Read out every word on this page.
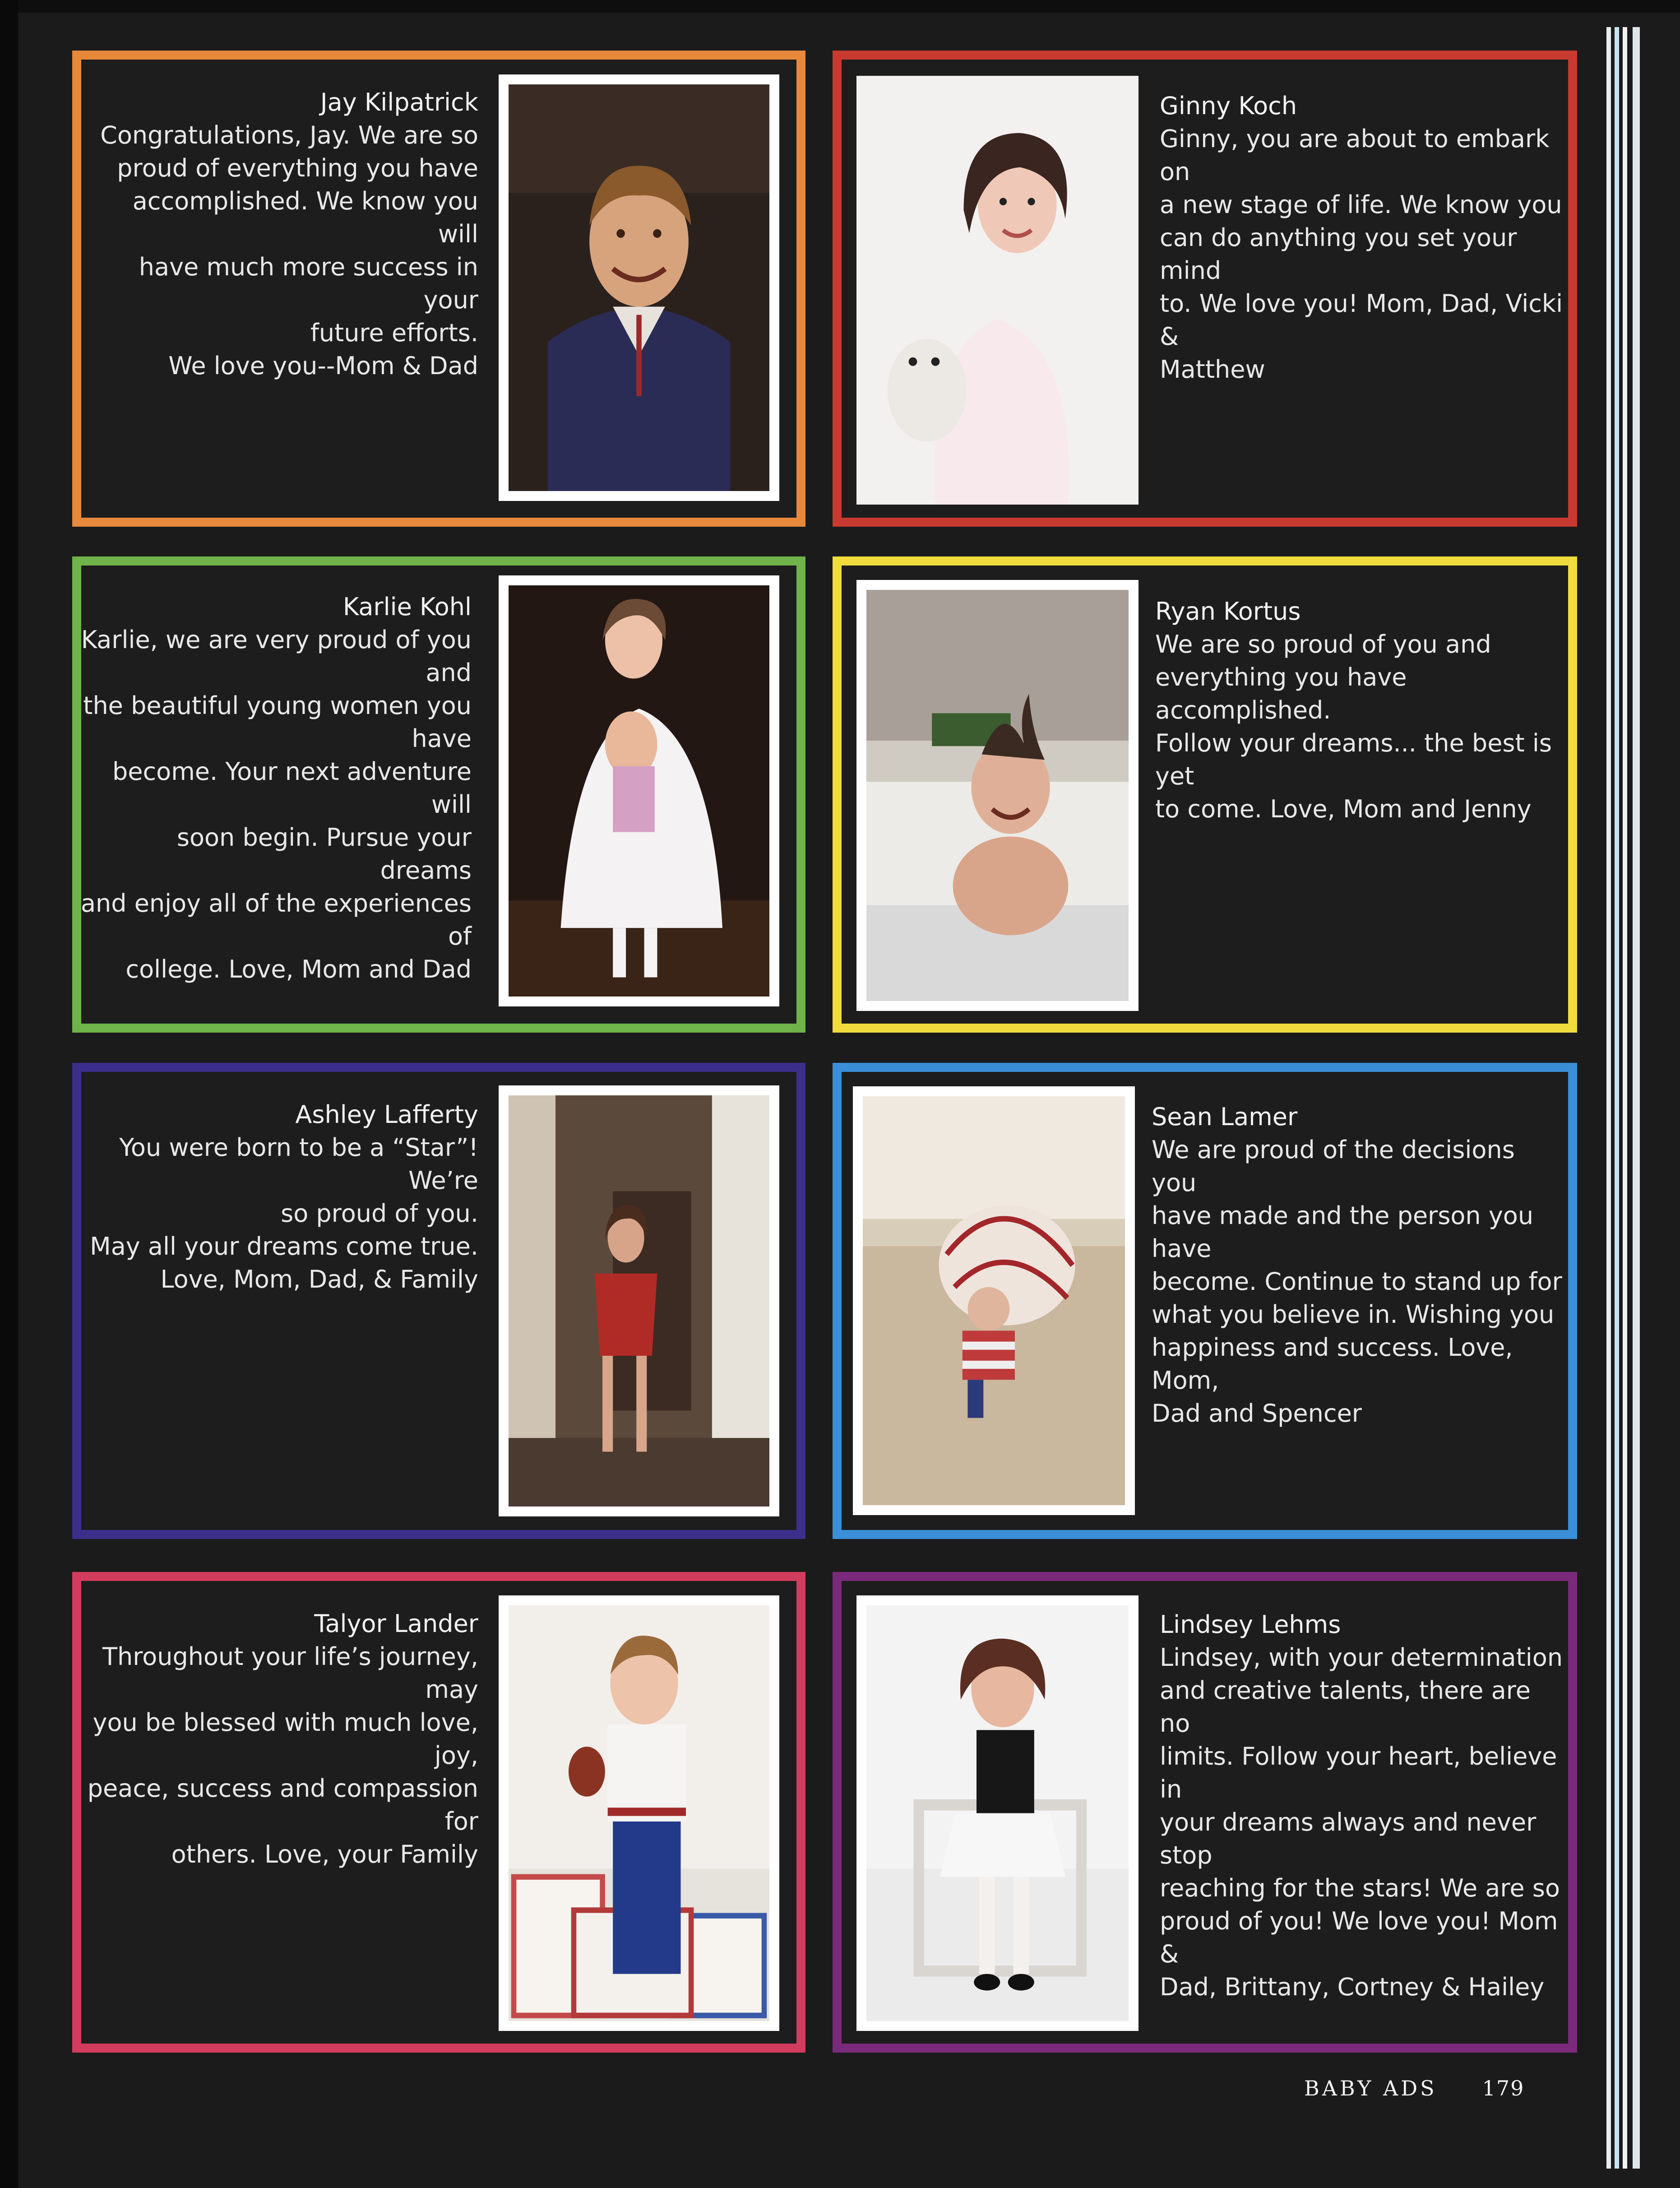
Jay Kilpatrick
Congratulations, Jay. We are so
proud of everything you have
accomplished. We know you will
have much more success in your
future efforts.
We love you--Mom & Dad
Ginny Koch
Ginny, you are about to embark on
a new stage of life. We know you
can do anything you set your mind
to. We love you! Mom, Dad, Vicki &
Matthew
Karlie Kohl
Karlie, we are very proud of you and
the beautiful young women you have
become. Your next adventure will
soon begin. Pursue your dreams
and enjoy all of the experiences of
college. Love, Mom and Dad
Ryan Kortus
We are so proud of you and
everything you have accomplished.
Follow your dreams... the best is yet
to come. Love, Mom and Jenny
Ashley Lafferty
You were born to be a “Star”! We’re
so proud of you.
May all your dreams come true.
Love, Mom, Dad, & Family
Sean Lamer
We are proud of the decisions you
have made and the person you have
become. Continue to stand up for
what you believe in. Wishing you
happiness and success. Love, Mom,
Dad and Spencer
Talyor Lander
Throughout your life’s journey, may
you be blessed with much love, joy,
peace, success and compassion for
others. Love, your Family
Lindsey Lehms
Lindsey, with your determination
and creative talents, there are no
limits. Follow your heart, believe in
your dreams always and never stop
reaching for the stars! We are so
proud of you! We love you! Mom &
Dad, Brittany, Cortney & Hailey
BABY ADS 179
